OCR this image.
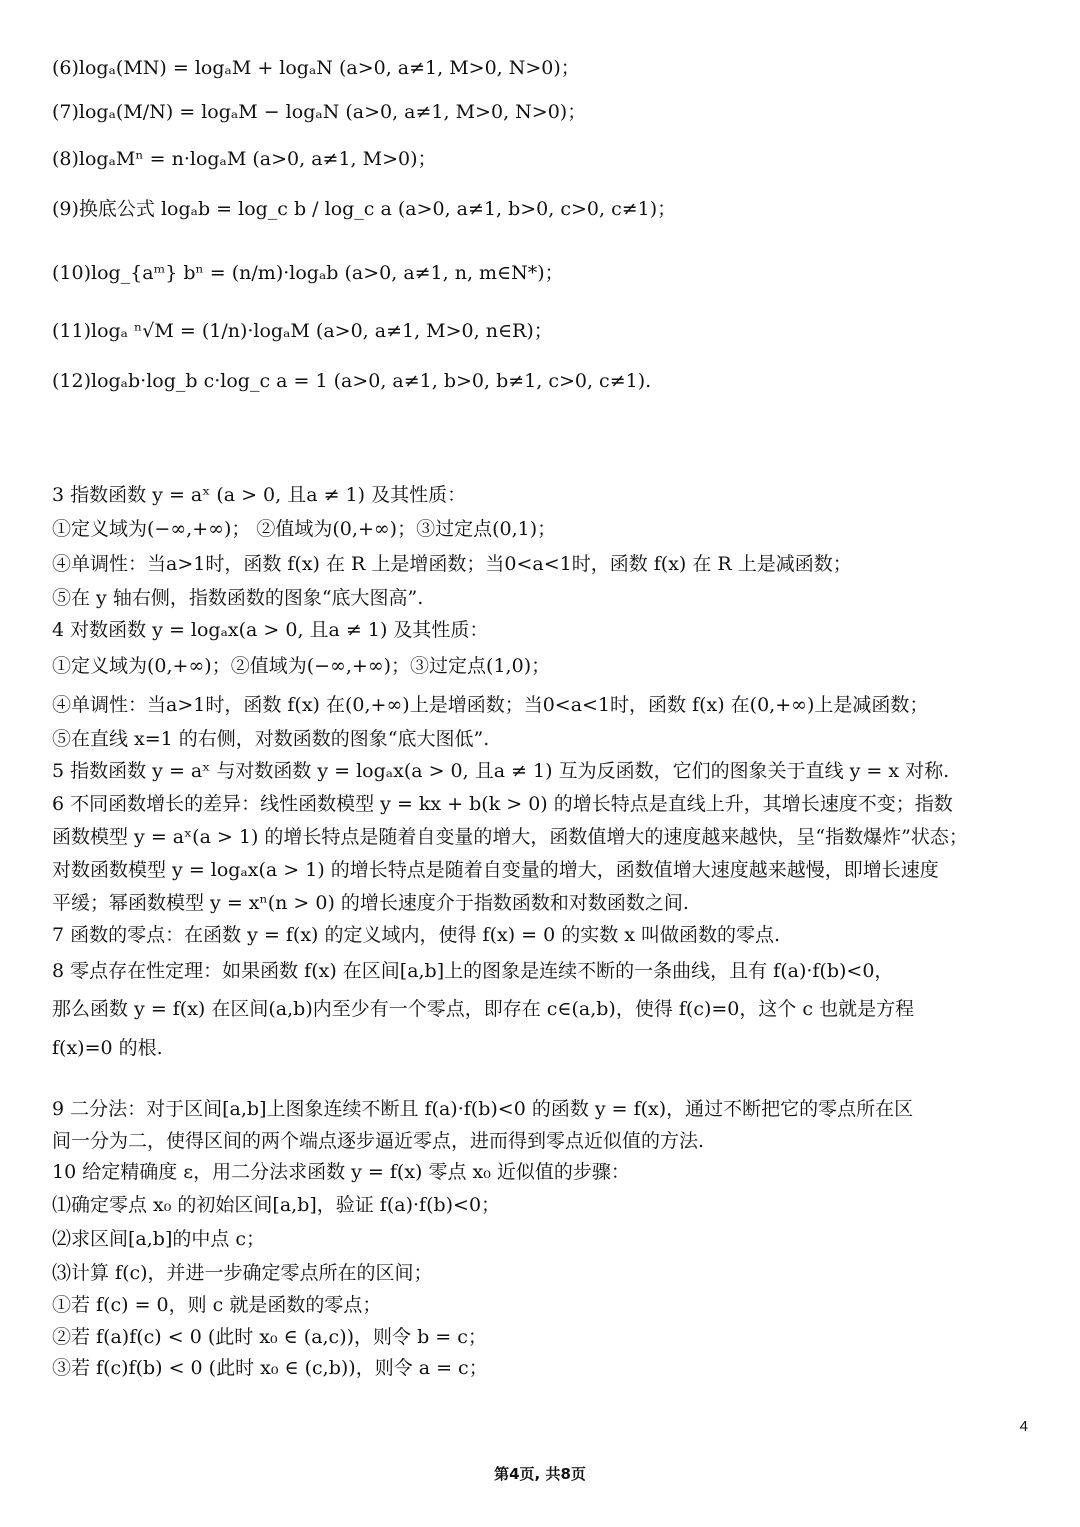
(6)logₐ(MN) = logₐM + logₐN (a>0, a≠1, M>0, N>0)；
(7)logₐ(M/N) = logₐM − logₐN (a>0, a≠1, M>0, N>0)；
(8)logₐMⁿ = n·logₐM (a>0, a≠1, M>0)；
(9)换底公式 logₐb = log_c b / log_c a (a>0, a≠1, b>0, c>0, c≠1)；
(10)log_{aᵐ} bⁿ = (n/m)·logₐb (a>0, a≠1, n, m∈N*)；
(11)logₐ ⁿ√M = (1/n)·logₐM (a>0, a≠1, M>0, n∈R)；
(12)logₐb·log_b c·log_c a = 1 (a>0, a≠1, b>0, b≠1, c>0, c≠1).
3 指数函数 y = aˣ (a > 0, 且a ≠ 1) 及其性质：
①定义域为(−∞,+∞)； ②值域为(0,+∞)；③过定点(0,1)；
④单调性：当a>1时，函数 f(x) 在 R 上是增函数；当0<a<1时，函数 f(x) 在 R 上是减函数；
⑤在 y 轴右侧，指数函数的图象“底大图高”.
4 对数函数 y = logₐx(a > 0, 且a ≠ 1) 及其性质：
①定义域为(0,+∞)；②值域为(−∞,+∞)；③过定点(1,0)；
④单调性：当a>1时，函数 f(x) 在(0,+∞)上是增函数；当0<a<1时，函数 f(x) 在(0,+∞)上是减函数；
⑤在直线 x=1 的右侧，对数函数的图象“底大图低”.
5 指数函数 y = aˣ 与对数函数 y = logₐx(a > 0, 且a ≠ 1) 互为反函数，它们的图象关于直线 y = x 对称.
6 不同函数增长的差异：线性函数模型 y = kx + b(k > 0) 的增长特点是直线上升，其增长速度不变；指数
函数模型 y = aˣ(a > 1) 的增长特点是随着自变量的增大，函数值增大的速度越来越快，呈“指数爆炸”状态；
对数函数模型 y = logₐx(a > 1) 的增长特点是随着自变量的增大，函数值增大速度越来越慢，即增长速度
平缓；幂函数模型 y = xⁿ(n > 0) 的增长速度介于指数函数和对数函数之间.
7 函数的零点：在函数 y = f(x) 的定义域内，使得 f(x) = 0 的实数 x 叫做函数的零点.
8 零点存在性定理：如果函数 f(x) 在区间[a,b]上的图象是连续不断的一条曲线，且有 f(a)·f(b)<0，
那么函数 y = f(x) 在区间(a,b)内至少有一个零点，即存在 c∈(a,b)，使得 f(c)=0，这个 c 也就是方程
f(x)=0 的根.
9 二分法：对于区间[a,b]上图象连续不断且 f(a)·f(b)<0 的函数 y = f(x)，通过不断把它的零点所在区
间一分为二，使得区间的两个端点逐步逼近零点，进而得到零点近似值的方法.
10 给定精确度 ε，用二分法求函数 y = f(x) 零点 x₀ 近似值的步骤：
⑴确定零点 x₀ 的初始区间[a,b]，验证 f(a)·f(b)<0；
⑵求区间[a,b]的中点 c；
⑶计算 f(c)，并进一步确定零点所在的区间；
①若 f(c) = 0，则 c 就是函数的零点；
②若 f(a)f(c) < 0 (此时 x₀ ∈ (a,c))，则令 b = c；
③若 f(c)f(b) < 0 (此时 x₀ ∈ (c,b))，则令 a = c；
4
第4页, 共8页
